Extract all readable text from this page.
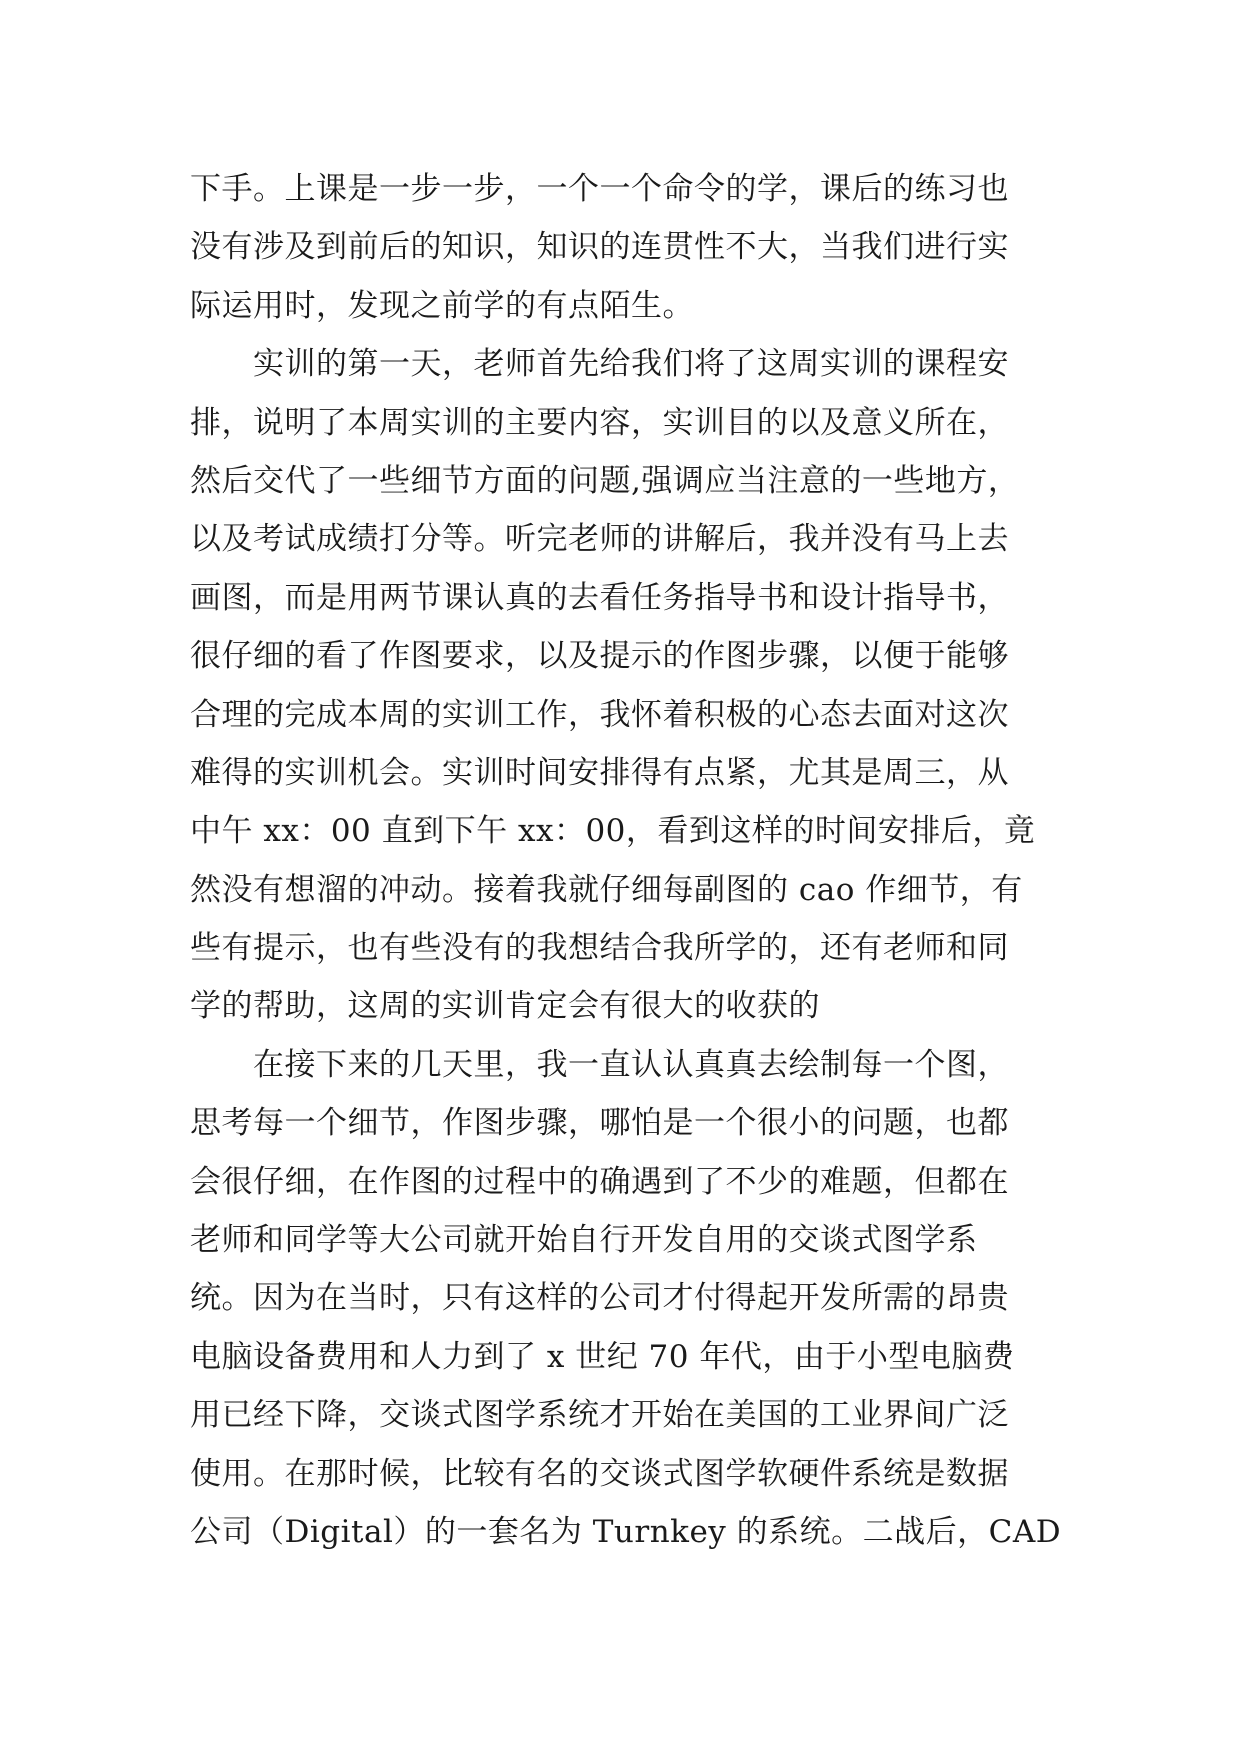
下手。上课是一步一步，一个一个命令的学，课后的练习也
没有涉及到前后的知识，知识的连贯性不大，当我们进行实
际运用时，发现之前学的有点陌生。
　　实训的第一天，老师首先给我们将了这周实训的课程安
排，说明了本周实训的主要内容，实训目的以及意义所在，
然后交代了一些细节方面的问题,强调应当注意的一些地方，
以及考试成绩打分等。听完老师的讲解后，我并没有马上去
画图，而是用两节课认真的去看任务指导书和设计指导书，
很仔细的看了作图要求，以及提示的作图步骤，以便于能够
合理的完成本周的实训工作，我怀着积极的心态去面对这次
难得的实训机会。实训时间安排得有点紧，尤其是周三，从
中午 xx：00 直到下午 xx：00，看到这样的时间安排后，竟
然没有想溜的冲动。接着我就仔细每副图的 cao 作细节，有
些有提示，也有些没有的我想结合我所学的，还有老师和同
学的帮助，这周的实训肯定会有很大的收获的
　　在接下来的几天里，我一直认认真真去绘制每一个图，
思考每一个细节，作图步骤，哪怕是一个很小的问题，也都
会很仔细，在作图的过程中的确遇到了不少的难题，但都在
老师和同学等大公司就开始自行开发自用的交谈式图学系
统。因为在当时，只有这样的公司才付得起开发所需的昂贵
电脑设备费用和人力到了 x 世纪 70 年代，由于小型电脑费
用已经下降，交谈式图学系统才开始在美国的工业界间广泛
使用。在那时候，比较有名的交谈式图学软硬件系统是数据
公司（Digital）的一套名为 Turnkey 的系统。二战后，CAD
